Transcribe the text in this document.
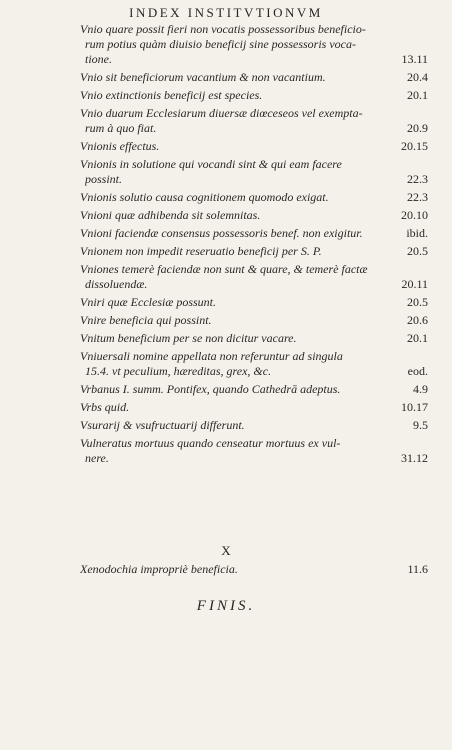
INDEX INSTITVTIONVM
Vnio quare possit fieri non vocatis possessoribus beneficio-
rum potius quàm diuisio beneficij sine possessoris voca-
tione.	13.11
Vnio sit beneficiorum vacantium & non vacantium.	20.4
Vnio extinctionis beneficij est species.	20.1
Vnio duarum Ecclesiarum diuersæ diœceseos vel exempta-
rum à quo fiat.	20.9
Vnionis effectus.	20.15
Vnionis in solutione qui vocandi sint & qui eam facere
possint.	22.3
Vnionis solutio causa cognitionem quomodo exigat.	22.3
Vnioni quæ adhibenda sit solemnitas.	20.10
Vnioni faciendæ consensus possessoris benef. non exigitur.	ibid.
Vnionem non impedit reseruatio beneficij per S. P.	20.5
Vniones temerè faciendæ non sunt & quare, & temerè factæ
dissoluendæ.	20.11
Vniri quæ Ecclesiæ possunt.	20.5
Vnire beneficia qui possint.	20.6
Vnitum beneficium per se non dicitur vacare.	20.1
Vniuersali nomine appellata non referuntur ad singula
15.4. vt peculium, hæreditas, grex, &c.	eod.
Vrbanus I. summ. Pontifex, quando Cathedrā adeptus.	4.9
Vrbs quid.	10.17
Vsurarij & vsufructuarij differunt.	9.5
Vulneratus mortuus quando censeatur mortuus ex vul-
nere.	31.12
X
Xenodochia impropriè beneficia.	11.6
FINIS.
